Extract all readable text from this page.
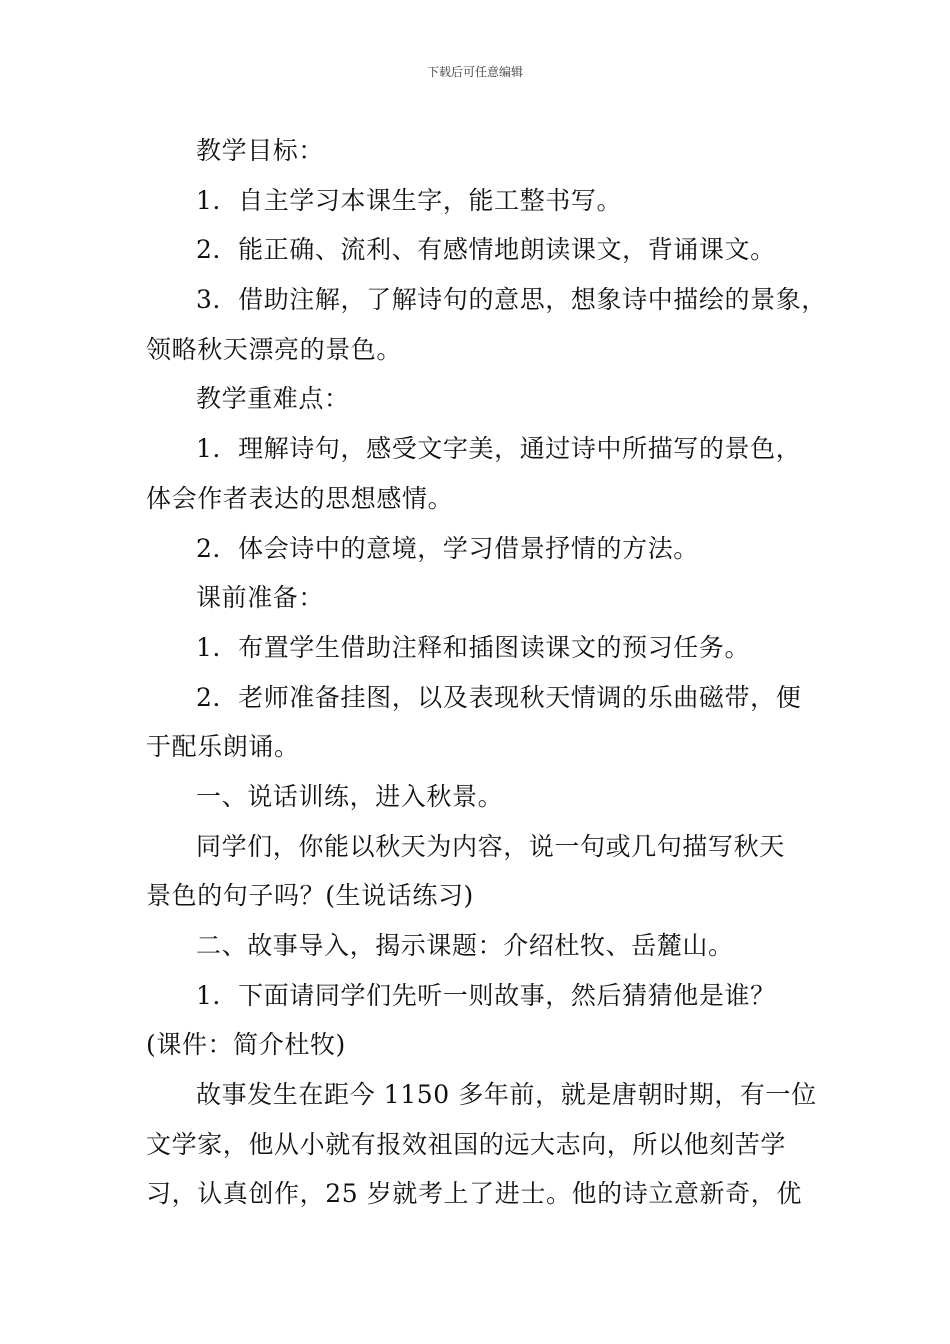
下载后可任意编辑
教学目标：
1．自主学习本课生字，能工整书写。
2．能正确、流利、有感情地朗读课文，背诵课文。
3．借助注解，了解诗句的意思，想象诗中描绘的景象，
领略秋天漂亮的景色。
教学重难点：
1．理解诗句，感受文字美，通过诗中所描写的景色，
体会作者表达的思想感情。
2．体会诗中的意境，学习借景抒情的方法。
课前准备：
1．布置学生借助注释和插图读课文的预习任务。
2．老师准备挂图，以及表现秋天情调的乐曲磁带，便
于配乐朗诵。
一、说话训练，进入秋景。
同学们，你能以秋天为内容，说一句或几句描写秋天
景色的句子吗？(生说话练习)
二、故事导入，揭示课题：介绍杜牧、岳麓山。
1．下面请同学们先听一则故事，然后猜猜他是谁？
(课件：简介杜牧)
故事发生在距今 1150 多年前，就是唐朝时期，有一位
文学家，他从小就有报效祖国的远大志向，所以他刻苦学
习，认真创作，25 岁就考上了进士。他的诗立意新奇，优
